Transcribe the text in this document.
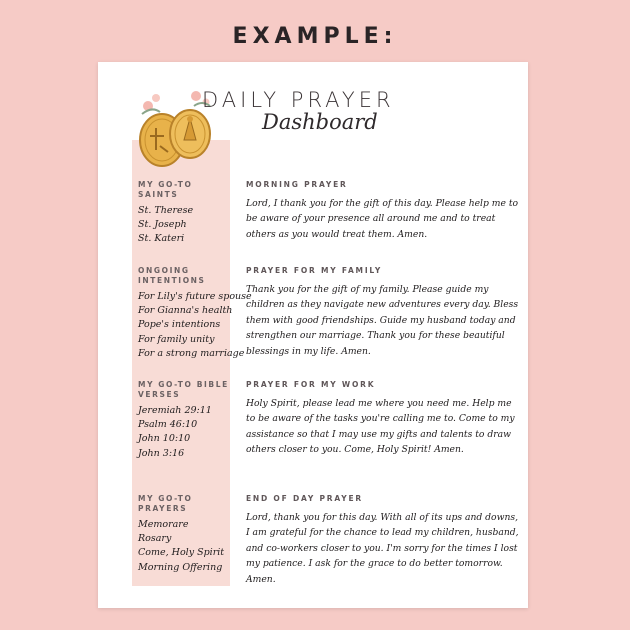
EXAMPLE:
DAILY PRAYER
Dashboard
MY GO-TO SAINTS
St. Therese
St. Joseph
St. Kateri
ONGOING INTENTIONS
For Lily's future spouse
For Gianna's health
Pope's intentions
For family unity
For a strong marriage
MY GO-TO BIBLE VERSES
Jeremiah 29:11
Psalm 46:10
John 10:10
John 3:16
MY GO-TO PRAYERS
Memorare
Rosary
Come, Holy Spirit
Morning Offering
MORNING PRAYER
Lord, I thank you for the gift of this day. Please help me to be aware of your presence all around me and to treat others as you would treat them. Amen.
PRAYER FOR MY FAMILY
Thank you for the gift of my family. Please guide my children as they navigate new adventures every day. Bless them with good friendships. Guide my husband today and strengthen our marriage. Thank you for these beautiful blessings in my life. Amen.
PRAYER FOR MY WORK
Holy Spirit, please lead me where you need me. Help me to be aware of the tasks you're calling me to. Come to my assistance so that I may use my gifts and talents to draw others closer to you. Come, Holy Spirit! Amen.
END OF DAY PRAYER
Lord, thank you for this day. With all of its ups and downs, I am grateful for the chance to lead my children, husband, and co-workers closer to you. I'm sorry for the times I lost my patience. I ask for the grace to do better tomorrow. Amen.
